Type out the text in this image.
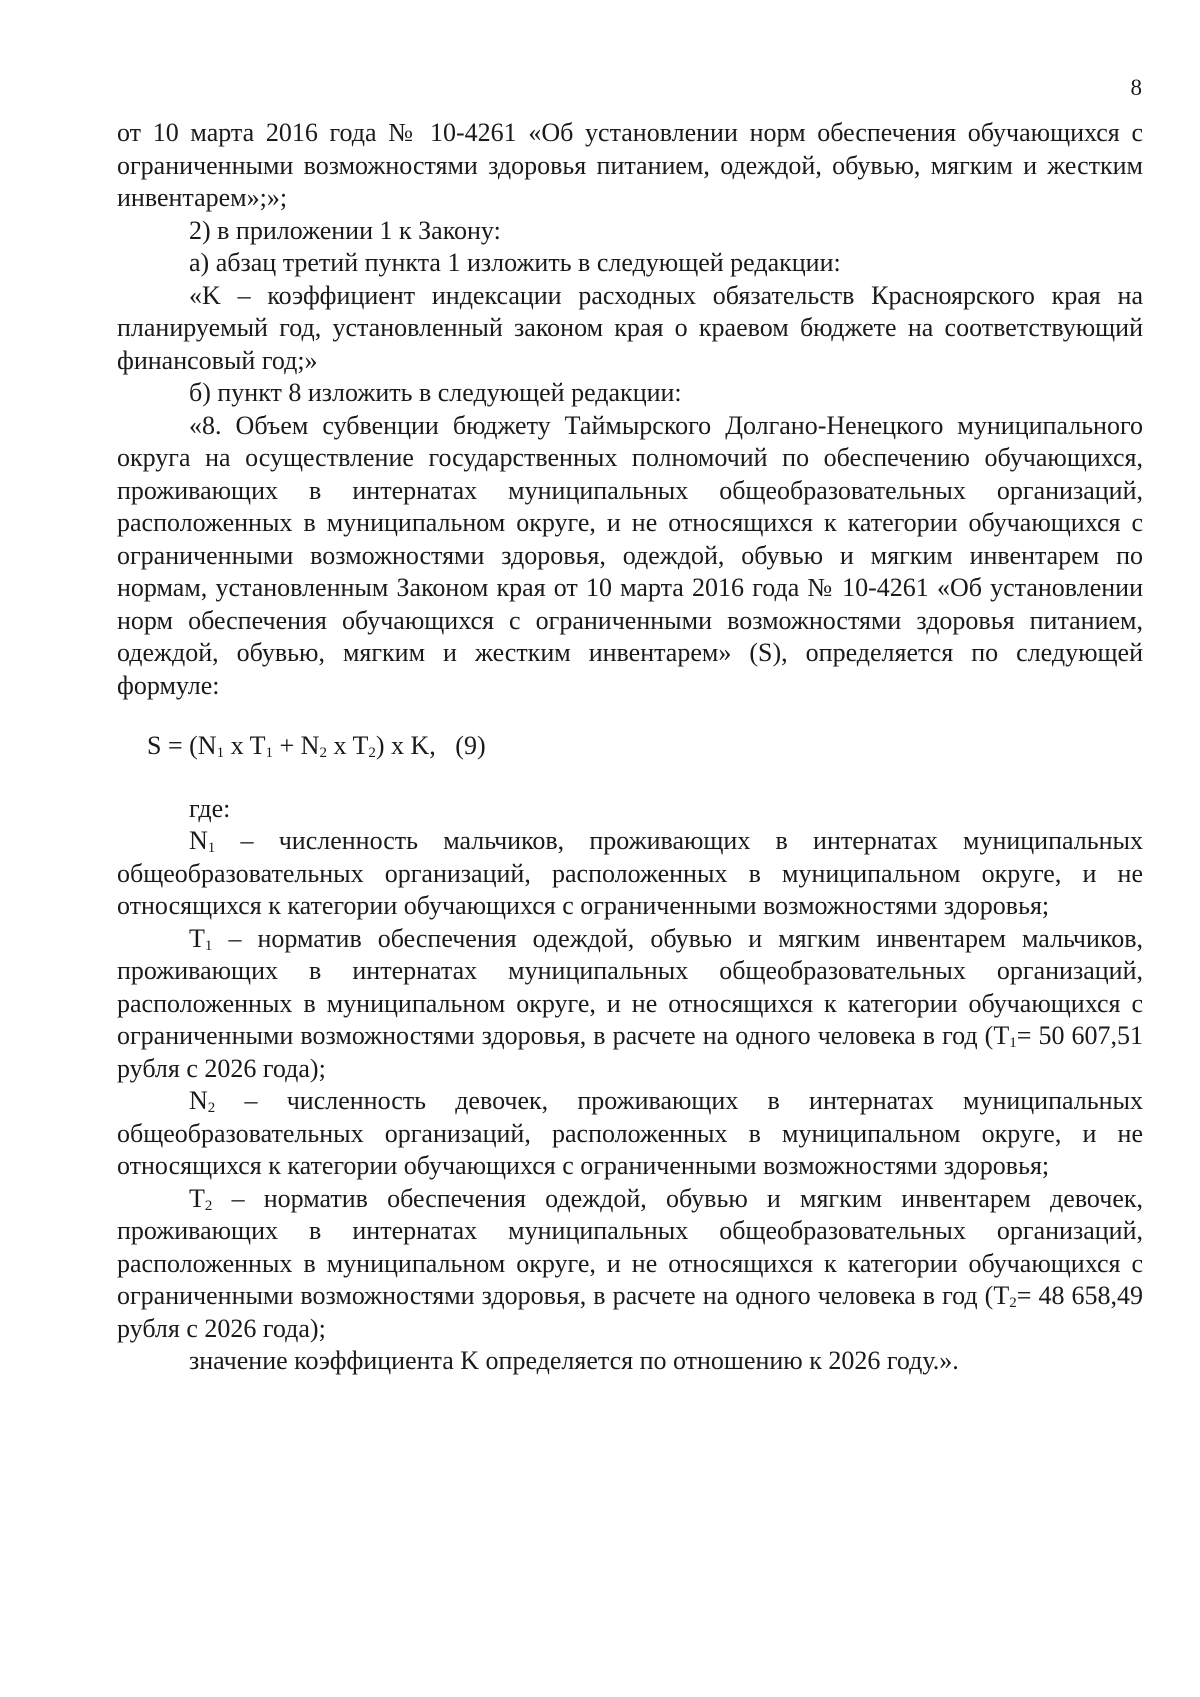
8

от 10 марта 2016 года № 10-4261 «Об установлении норм обеспечения обучающихся с ограниченными возможностями здоровья питанием, одеждой, обувью, мягким и жестким инвентарем»;»;

2) в приложении 1 к Закону:

а) абзац третий пункта 1 изложить в следующей редакции:

«K – коэффициент индексации расходных обязательств Красноярского края на планируемый год, установленный законом края о краевом бюджете на соответствующий финансовый год;»

б) пункт 8 изложить в следующей редакции:

«8. Объем субвенции бюджету Таймырского Долгано-Ненецкого муниципального округа на осуществление государственных полномочий по обеспечению обучающихся, проживающих в интернатах муниципальных общеобразовательных организаций, расположенных в муниципальном округе, и не относящихся к категории обучающихся с ограниченными возможностями здоровья, одеждой, обувью и мягким инвентарем по нормам, установленным Законом края от 10 марта 2016 года № 10-4261 «Об установлении норм обеспечения обучающихся с ограниченными возможностями здоровья питанием, одеждой, обувью, мягким и жестким инвентарем» (S), определяется по следующей формуле:

$S = (N_1$ x $T_1 + N_2$ x $T_2$) x K, (9)

где:

$N_1$ – численность мальчиков, проживающих в интернатах муниципальных общеобразовательных организаций, расположенных в муниципальном округе, и не относящихся к категории обучающихся с ограниченными возможностями здоровья;

$T_1$ – норматив обеспечения одеждой, обувью и мягким инвентарем мальчиков, проживающих в интернатах муниципальных общеобразовательных организаций, расположенных в муниципальном округе, и не относящихся к категории обучающихся с ограниченными возможностями здоровья, в расчете на одного человека в год ($T_1= 50$ 607,51 рубля с 2026 года);

$N_2$ – численность девочек, проживающих в интернатах муниципальных общеобразовательных организаций, расположенных в муниципальном округе, и не относящихся к категории обучающихся с ограниченными возможностями здоровья;

$T_2$ – норматив обеспечения одеждой, обувью и мягким инвентарем девочек, проживающих в интернатах муниципальных общеобразовательных организаций, расположенных в муниципальном округе, и не относящихся к категории обучающихся с ограниченными возможностями здоровья, в расчете на одного человека в год ($T_2= 48$ 658,49 рубля с 2026 года);

значение коэффициента K определяется по отношению к 2026 году.».
